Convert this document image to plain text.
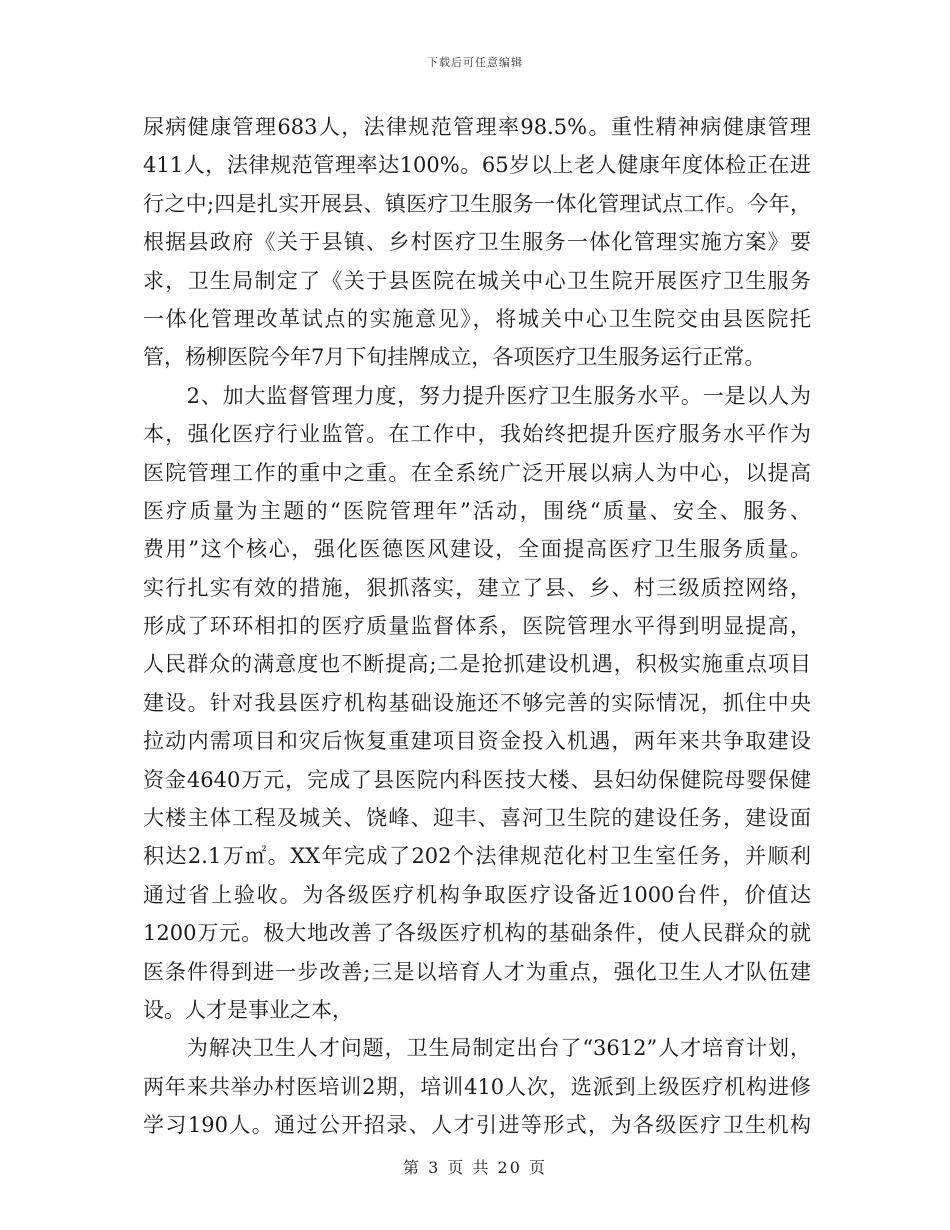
下载后可任意编辑
尿病健康管理683人，法律规范管理率98.5%。重性精神病健康管理
411人，法律规范管理率达100%。65岁以上老人健康年度体检正在进
行之中;四是扎实开展县、镇医疗卫生服务一体化管理试点工作。今年，
根据县政府《关于县镇、乡村医疗卫生服务一体化管理实施方案》要
求，卫生局制定了《关于县医院在城关中心卫生院开展医疗卫生服务
一体化管理改革试点的实施意见》，将城关中心卫生院交由县医院托
管，杨柳医院今年7月下旬挂牌成立，各项医疗卫生服务运行正常。
　　2、加大监督管理力度，努力提升医疗卫生服务水平。一是以人为
本，强化医疗行业监管。在工作中，我始终把提升医疗服务水平作为
医院管理工作的重中之重。在全系统广泛开展以病人为中心，以提高
医疗质量为主题的“医院管理年”活动，围绕“质量、安全、服务、
费用”这个核心，强化医德医风建设，全面提高医疗卫生服务质量。
实行扎实有效的措施，狠抓落实，建立了县、乡、村三级质控网络，
形成了环环相扣的医疗质量监督体系，医院管理水平得到明显提高，
人民群众的满意度也不断提高;二是抢抓建设机遇，积极实施重点项目
建设。针对我县医疗机构基础设施还不够完善的实际情况，抓住中央
拉动内需项目和灾后恢复重建项目资金投入机遇，两年来共争取建设
资金4640万元，完成了县医院内科医技大楼、县妇幼保健院母婴保健
大楼主体工程及城关、饶峰、迎丰、喜河卫生院的建设任务，建设面
积达2.1万㎡。XX年完成了202个法律规范化村卫生室任务，并顺利
通过省上验收。为各级医疗机构争取医疗设备近1000台件，价值达
1200万元。极大地改善了各级医疗机构的基础条件，使人民群众的就
医条件得到进一步改善;三是以培育人才为重点，强化卫生人才队伍建
设。人才是事业之本，
　　为解决卫生人才问题，卫生局制定出台了“3612”人才培育计划，
两年来共举办村医培训2期，培训410人次，选派到上级医疗机构进修
学习190人。通过公开招录、人才引进等形式，为各级医疗卫生机构
第 3 页 共 20 页
